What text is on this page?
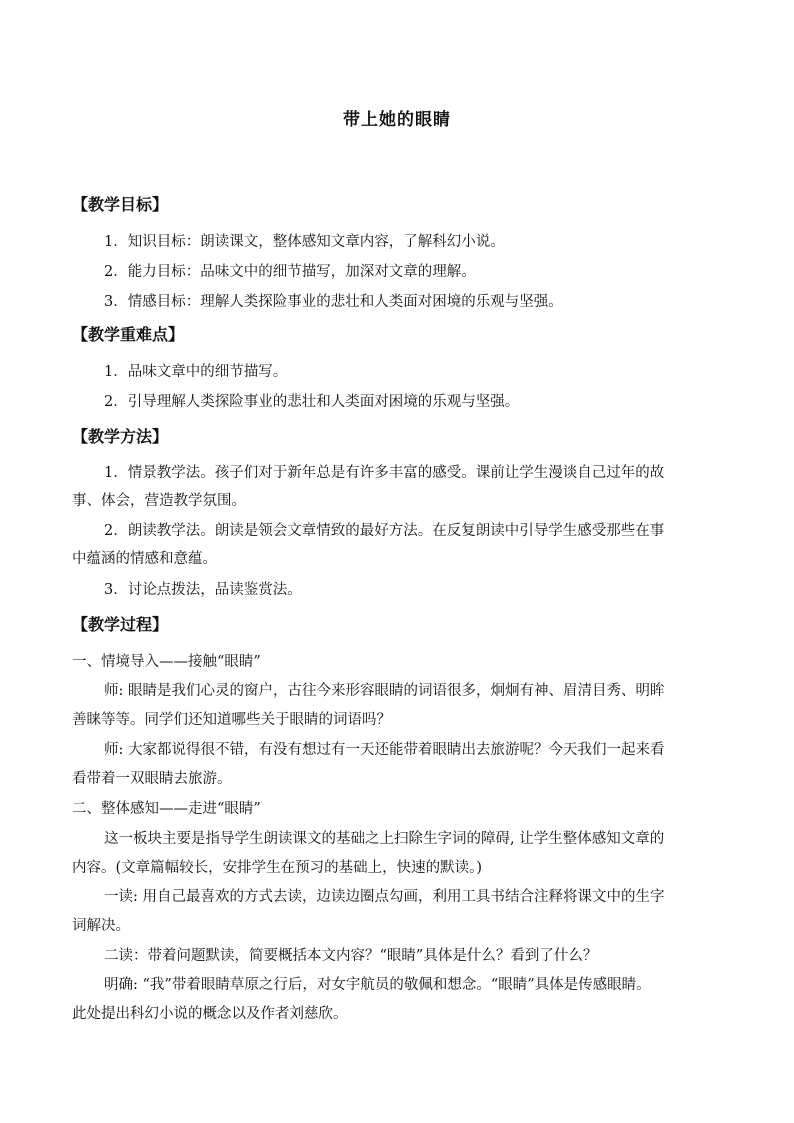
带上她的眼睛
【教学目标】
1．知识目标：朗读课文，整体感知文章内容，了解科幻小说。
2．能力目标：品味文中的细节描写，加深对文章的理解。
3．情感目标：理解人类探险事业的悲壮和人类面对困境的乐观与坚强。
【教学重难点】
1．品味文章中的细节描写。
2．引导理解人类探险事业的悲壮和人类面对困境的乐观与坚强。
【教学方法】
1．情景教学法。孩子们对于新年总是有许多丰富的感受。课前让学生漫谈自己过年的故
事、体会，营造教学氛围。
2．朗读教学法。朗读是领会文章情致的最好方法。在反复朗读中引导学生感受那些在事
中蕴涵的情感和意蕴。
3．讨论点拨法，品读鉴赏法。
【教学过程】
一、情境导入——接触“眼睛”
师: 眼睛是我们心灵的窗户，古往今来形容眼睛的词语很多，炯炯有神、眉清目秀、明眸
善睐等等。同学们还知道哪些关于眼睛的词语吗？
师: 大家都说得很不错，有没有想过有一天还能带着眼睛出去旅游呢？今天我们一起来看
看带着一双眼睛去旅游。
二、整体感知——走进“眼睛”
这一板块主要是指导学生朗读课文的基础之上扫除生字词的障碍, 让学生整体感知文章的
内容。(文章篇幅较长，安排学生在预习的基础上，快速的默读。)
一读: 用自己最喜欢的方式去读，边读边圈点勾画，利用工具书结合注释将课文中的生字
词解决。
二读：带着问题默读，简要概括本文内容？“眼睛”具体是什么？看到了什么？
明确: “我”带着眼睛草原之行后，对女宇航员的敬佩和想念。“眼睛”具体是传感眼睛。
此处提出科幻小说的概念以及作者刘慈欣。
